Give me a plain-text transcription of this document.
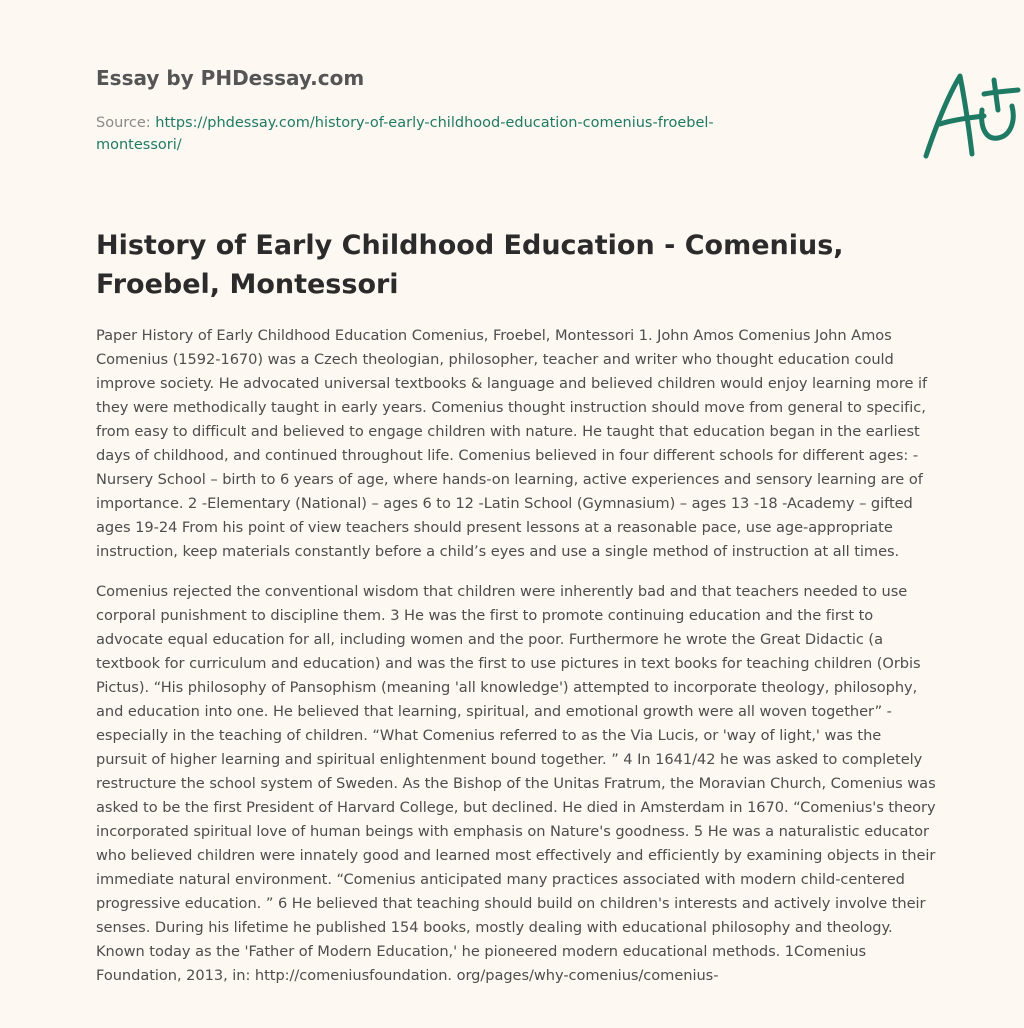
Essay by PHDessay.com

Source: https://phdessay.com/history-of-early-childhood-education-comenius-froebel-montessori/

History of Early Childhood Education - Comenius, Froebel, Montessori

Paper History of Early Childhood Education Comenius, Froebel, Montessori 1. John Amos Comenius John Amos Comenius (1592-1670) was a Czech theologian, philosopher, teacher and writer who thought education could improve society. He advocated universal textbooks & language and believed children would enjoy learning more if they were methodically taught in early years. Comenius thought instruction should move from general to specific, from easy to difficult and believed to engage children with nature. He taught that education began in the earliest days of childhood, and continued throughout life. Comenius believed in four different schools for different ages: -Nursery School – birth to 6 years of age, where hands-on learning, active experiences and sensory learning are of importance. 2 -Elementary (National) – ages 6 to 12 -Latin School (Gymnasium) – ages 13 -18 -Academy – gifted ages 19-24 From his point of view teachers should present lessons at a reasonable pace, use age-appropriate instruction, keep materials constantly before a child’s eyes and use a single method of instruction at all times.

Comenius rejected the conventional wisdom that children were inherently bad and that teachers needed to use corporal punishment to discipline them. 3 He was the first to promote continuing education and the first to advocate equal education for all, including women and the poor. Furthermore he wrote the Great Didactic (a textbook for curriculum and education) and was the first to use pictures in text books for teaching children (Orbis Pictus). “His philosophy of Pansophism (meaning 'all knowledge') attempted to incorporate theology, philosophy, and education into one. He believed that learning, spiritual, and emotional growth were all woven together” - especially in the teaching of children. “What Comenius referred to as the Via Lucis, or 'way of light,' was the pursuit of higher learning and spiritual enlightenment bound together. ” 4 In 1641/42 he was asked to completely restructure the school system of Sweden. As the Bishop of the Unitas Fratrum, the Moravian Church, Comenius was asked to be the first President of Harvard College, but declined. He died in Amsterdam in 1670. “Comenius's theory incorporated spiritual love of human beings with emphasis on Nature's goodness. 5 He was a naturalistic educator who believed children were innately good and learned most effectively and efficiently by examining objects in their immediate natural environment. “Comenius anticipated many practices associated with modern child-centered progressive education. ” 6 He believed that teaching should build on children's interests and actively involve their senses. During his lifetime he published 154 books, mostly dealing with educational philosophy and theology. Known today as the 'Father of Modern Education,' he pioneered modern educational methods. 1Comenius Foundation, 2013, in: http://comeniusfoundation. org/pages/why-comenius/comenius-
